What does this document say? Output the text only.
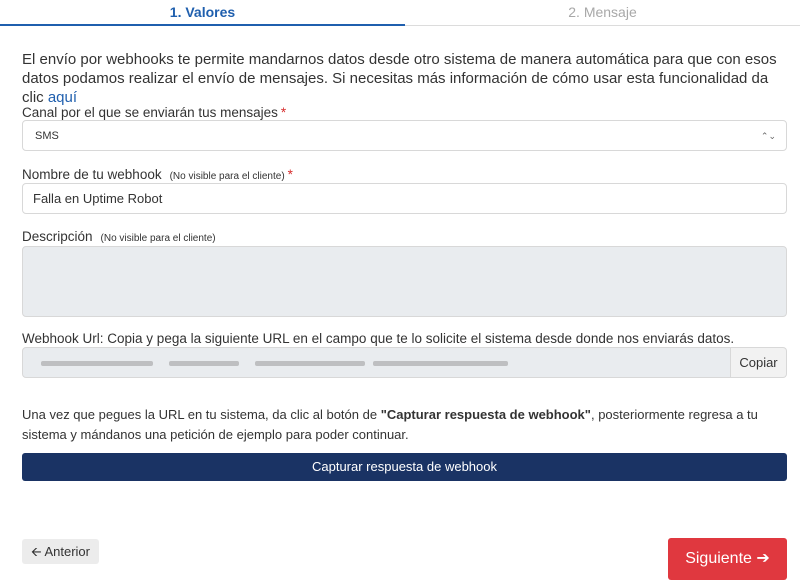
1. Valores	2. Mensaje
El envío por webhooks te permite mandarnos datos desde otro sistema de manera automática para que con esos datos podamos realizar el envío de mensajes. Si necesitas más información de cómo usar esta funcionalidad da clic aquí
Canal por el que se enviarán tus mensajes *
SMS	⌃⌄
Nombre de tu webhook (No visible para el cliente) *
Falla en Uptime Robot
Descripción (No visible para el cliente)
Webhook Url: Copia y pega la siguiente URL en el campo que te lo solicite el sistema desde donde nos enviarás datos.
Copiar
Una vez que pegues la URL en tu sistema, da clic al botón de "Capturar respuesta de webhook", posteriormente regresa a tu sistema y mándanos una petición de ejemplo para poder continuar.
Capturar respuesta de webhook
🡨 Anterior	Siguiente ➔
